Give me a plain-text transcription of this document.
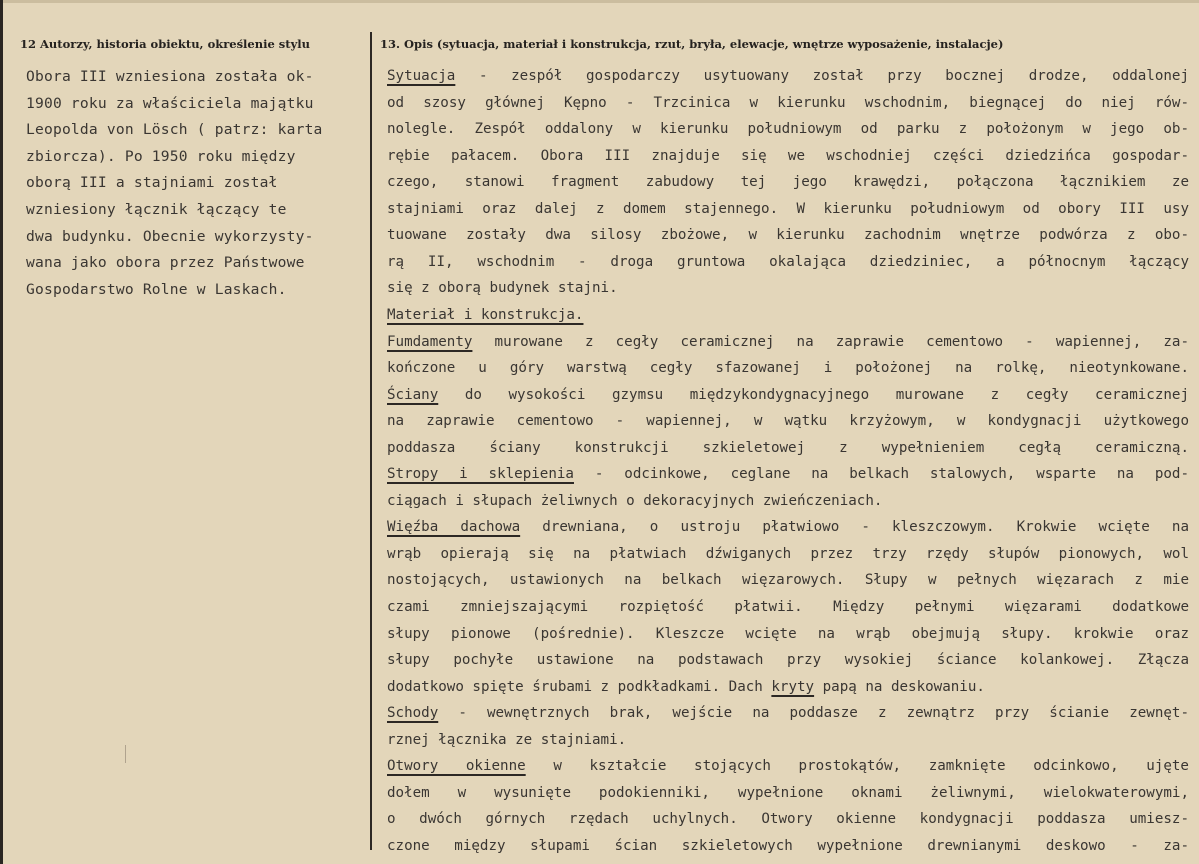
12 Autorzy, historia obiektu, określenie stylu	13. Opis (sytuacja, materiał i konstrukcja, rzut, bryła, elewacje, wnętrze wyposażenie, instalacje)
Obora III wzniesiona została ok-
1900 roku za właściciela majątku
Leopolda von Lösch ( patrz: karta
zbiorcza). Po 1950 roku między
oborą III a stajniami został
wzniesiony łącznik łączący te
dwa budynku. Obecnie wykorzysty-
wana jako obora przez Państwowe
Gospodarstwo Rolne w Laskach.
Sytuacja - zespół gospodarczy usytuowany został przy bocznej drodze, oddalonej
od szosy głównej Kępno - Trzcinica w kierunku wschodnim, biegnącej do niej rów-
nolegle. Zespół oddalony w kierunku południowym od parku z położonym w jego ob-
rębie pałacem. Obora III znajduje się we wschodniej części dziedzińca gospodar-
czego, stanowi fragment zabudowy tej jego krawędzi, połączona łącznikiem ze
stajniami oraz dalej z domem stajennego. W kierunku południowym od obory III usy
tuowane zostały dwa silosy zbożowe, w kierunku zachodnim wnętrze podwórza z obo-
rą II, wschodnim - droga gruntowa okalająca dziedziniec, a północnym łączący
się z oborą budynek stajni.
Materiał i konstrukcja.
Fumdamenty murowane z cegły ceramicznej na zaprawie cementowo - wapiennej, za-
kończone u góry warstwą cegły sfazowanej i położonej na rolkę, nieotynkowane.
Ściany do wysokości gzymsu międzykondygnacyjnego murowane z cegły ceramicznej
na zaprawie cementowo - wapiennej, w wątku krzyżowym, w kondygnacji użytkowego
poddasza ściany konstrukcji szkieletowej z wypełnieniem cegłą ceramiczną.
Stropy i sklepienia - odcinkowe, ceglane na belkach stalowych, wsparte na pod-
ciągach i słupach żeliwnych o dekoracyjnych zwieńczeniach.
Więźba dachowa drewniana, o ustroju płatwiowo - kleszczowym. Krokwie wcięte na
wrąb opierają się na płatwiach dźwiganych przez trzy rzędy słupów pionowych, wol
nostojących, ustawionych na belkach więzarowych. Słupy w pełnych więzarach z mie
czami zmniejszającymi rozpiętość płatwii. Między pełnymi więzarami dodatkowe
słupy pionowe (pośrednie). Kleszcze wcięte na wrąb obejmują słupy. krokwie oraz
słupy pochyłe ustawione na podstawach przy wysokiej ściance kolankowej. Złącza
dodatkowo spięte śrubami z podkładkami. Dach kryty papą na deskowaniu.
Schody - wewnętrznych brak, wejście na poddasze z zewnątrz przy ścianie zewnęt-
rznej łącznika ze stajniami.
Otwory okienne w kształcie stojących prostokątów, zamknięte odcinkowo, ujęte
dołem w wysunięte podokienniki, wypełnione oknami żeliwnymi, wielokwaterowymi,
o dwóch górnych rzędach uchylnych. Otwory okienne kondygnacji poddasza umiesz-
czone między słupami ścian szkieletowych wypełnione drewnianymi deskowo - za-
